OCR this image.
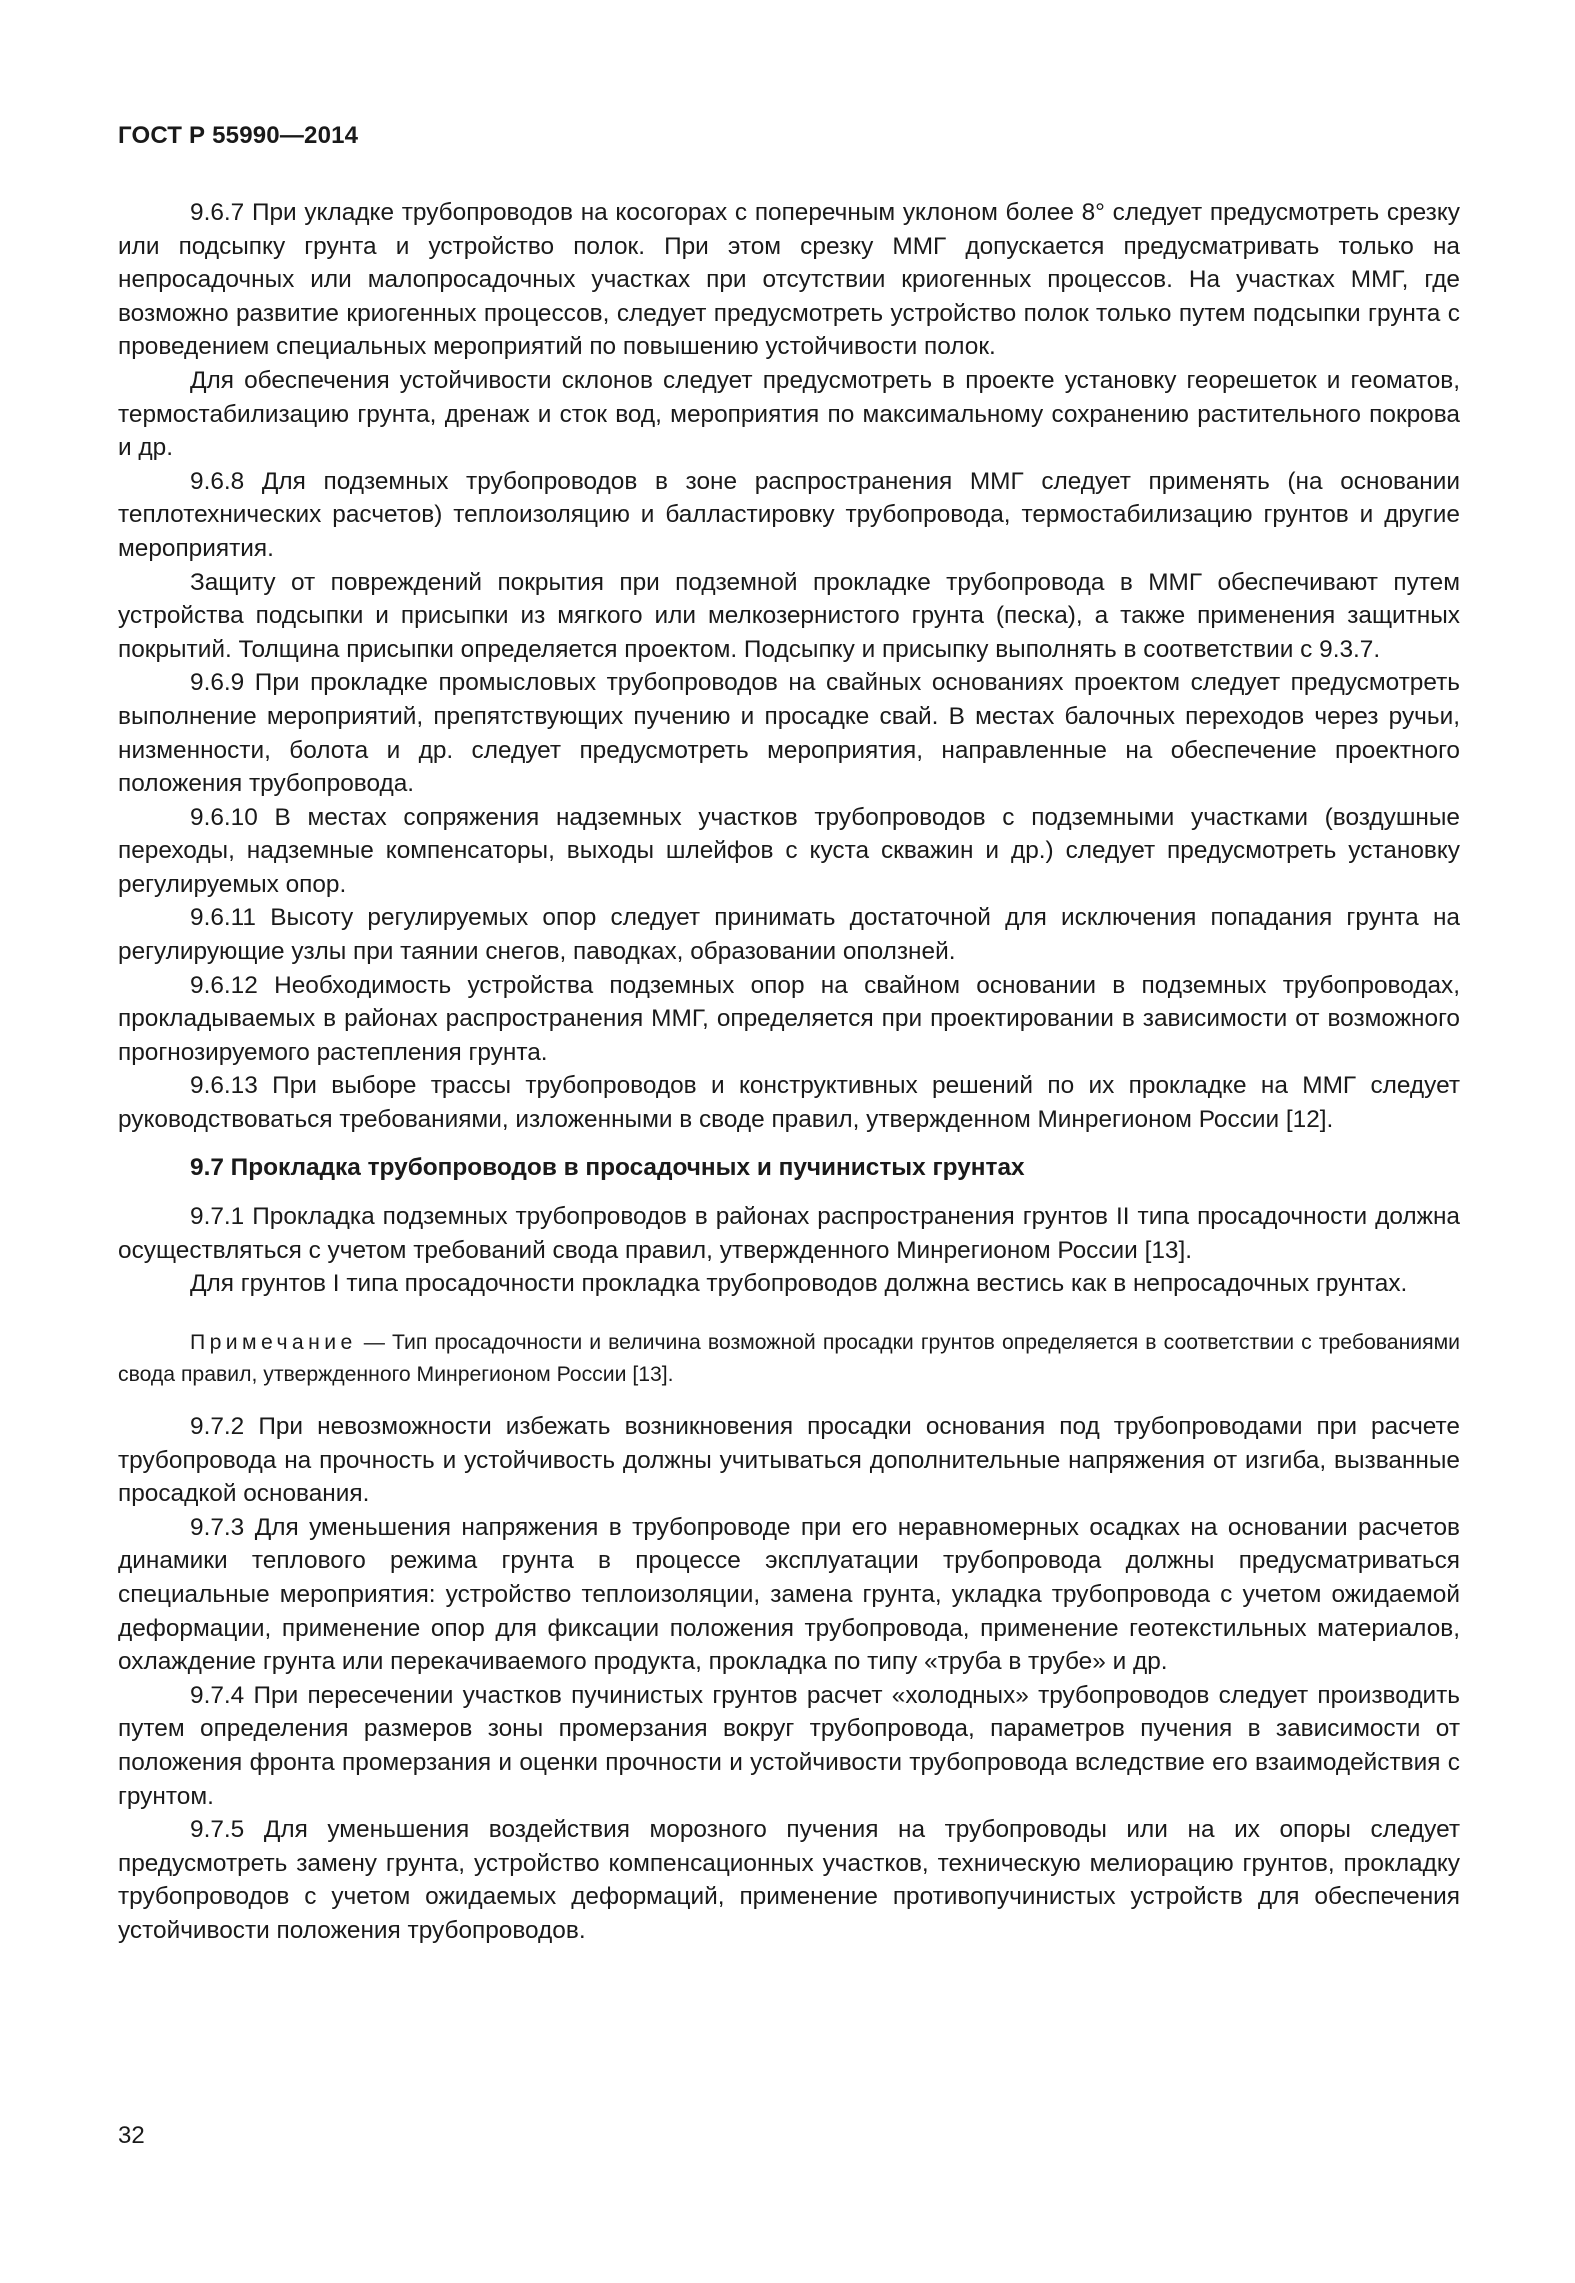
ГОСТ Р 55990—2014

9.6.7 При укладке трубопроводов на косогорах с поперечным уклоном более 8° следует предусмотреть срезку или подсыпку грунта и устройство полок. При этом срезку ММГ допускается предусматривать только на непросадочных или малопросадочных участках при отсутствии криогенных процессов. На участках ММГ, где возможно развитие криогенных процессов, следует предусмотреть устройство полок только путем подсыпки грунта с проведением специальных мероприятий по повышению устойчивости полок.

Для обеспечения устойчивости склонов следует предусмотреть в проекте установку георешеток и геоматов, термостабилизацию грунта, дренаж и сток вод, мероприятия по максимальному сохранению растительного покрова и др.

9.6.8 Для подземных трубопроводов в зоне распространения ММГ следует применять (на основании теплотехнических расчетов) теплоизоляцию и балластировку трубопровода, термостабилизацию грунтов и другие мероприятия.

Защиту от повреждений покрытия при подземной прокладке трубопровода в ММГ обеспечивают путем устройства подсыпки и присыпки из мягкого или мелкозернистого грунта (песка), а также применения защитных покрытий. Толщина присыпки определяется проектом. Подсыпку и присыпку выполнять в соответствии с 9.3.7.

9.6.9 При прокладке промысловых трубопроводов на свайных основаниях проектом следует предусмотреть выполнение мероприятий, препятствующих пучению и просадке свай. В местах балочных переходов через ручьи, низменности, болота и др. следует предусмотреть мероприятия, направленные на обеспечение проектного положения трубопровода.

9.6.10 В местах сопряжения надземных участков трубопроводов с подземными участками (воздушные переходы, надземные компенсаторы, выходы шлейфов с куста скважин и др.) следует предусмотреть установку регулируемых опор.

9.6.11 Высоту регулируемых опор следует принимать достаточной для исключения попадания грунта на регулирующие узлы при таянии снегов, паводках, образовании оползней.

9.6.12 Необходимость устройства подземных опор на свайном основании в подземных трубопроводах, прокладываемых в районах распространения ММГ, определяется при проектировании в зависимости от возможного прогнозируемого растепления грунта.

9.6.13 При выборе трассы трубопроводов и конструктивных решений по их прокладке на ММГ следует руководствоваться требованиями, изложенными в своде правил, утвержденном Минрегионом России [12].

9.7 Прокладка трубопроводов в просадочных и пучинистых грунтах

9.7.1 Прокладка подземных трубопроводов в районах распространения грунтов II типа просадочности должна осуществляться с учетом требований свода правил, утвержденного Минрегионом России [13].

Для грунтов I типа просадочности прокладка трубопроводов должна вестись как в непросадочных грунтах.

Примечание — Тип просадочности и величина возможной просадки грунтов определяется в соответствии с требованиями свода правил, утвержденного Минрегионом России [13].

9.7.2 При невозможности избежать возникновения просадки основания под трубопроводами при расчете трубопровода на прочность и устойчивость должны учитываться дополнительные напряжения от изгиба, вызванные просадкой основания.

9.7.3 Для уменьшения напряжения в трубопроводе при его неравномерных осадках на основании расчетов динамики теплового режима грунта в процессе эксплуатации трубопровода должны предусматриваться специальные мероприятия: устройство теплоизоляции, замена грунта, укладка трубопровода с учетом ожидаемой деформации, применение опор для фиксации положения трубопровода, применение геотекстильных материалов, охлаждение грунта или перекачиваемого продукта, прокладка по типу «труба в трубе» и др.

9.7.4 При пересечении участков пучинистых грунтов расчет «холодных» трубопроводов следует производить путем определения размеров зоны промерзания вокруг трубопровода, параметров пучения в зависимости от положения фронта промерзания и оценки прочности и устойчивости трубопровода вследствие его взаимодействия с грунтом.

9.7.5 Для уменьшения воздействия морозного пучения на трубопроводы или на их опоры следует предусмотреть замену грунта, устройство компенсационных участков, техническую мелиорацию грунтов, прокладку трубопроводов с учетом ожидаемых деформаций, применение противопучинистых устройств для обеспечения устойчивости положения трубопроводов.

32
